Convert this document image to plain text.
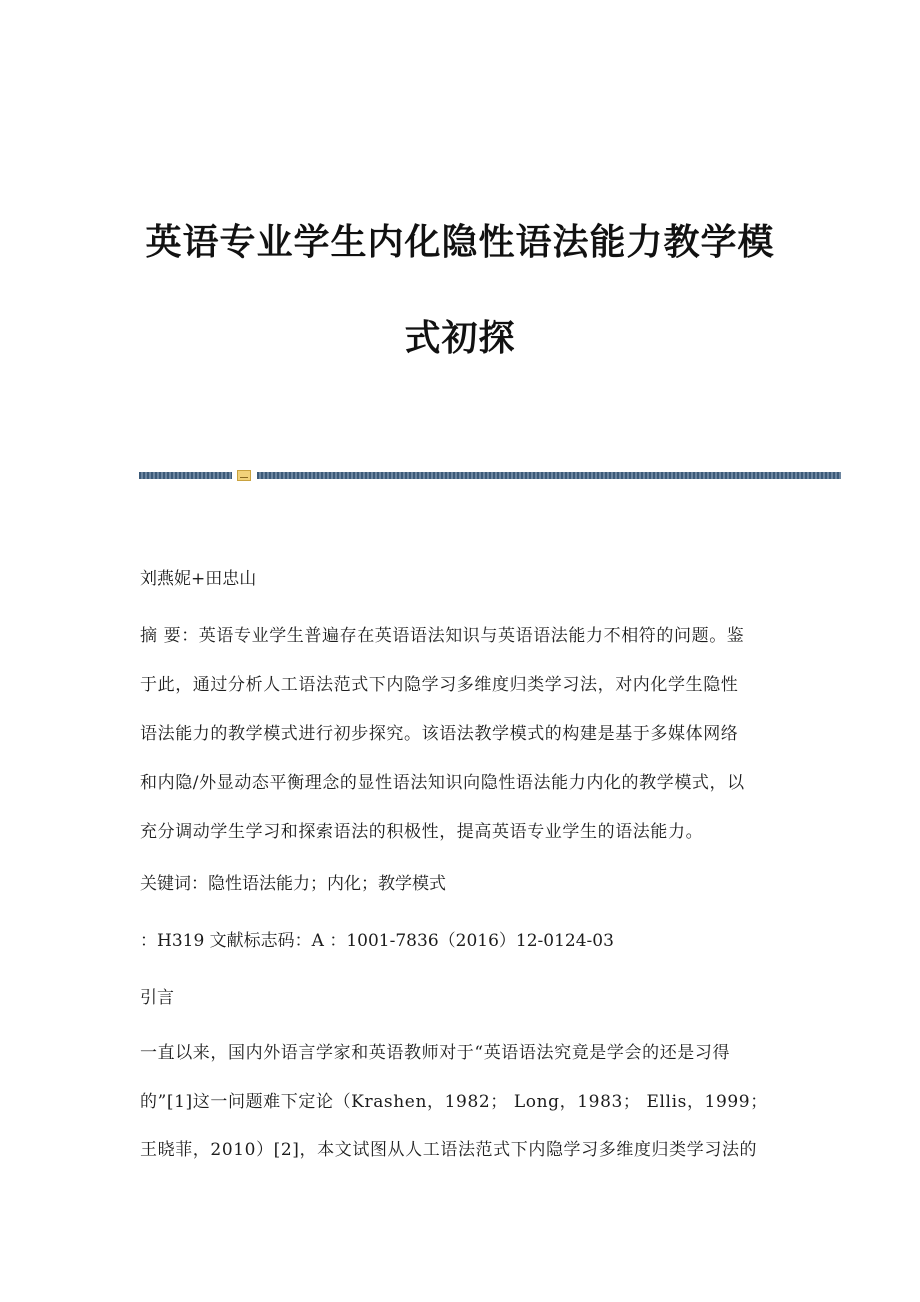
英语专业学生内化隐性语法能力教学模
式初探
刘燕妮+田忠山
摘 要：英语专业学生普遍存在英语语法知识与英语语法能力不相符的问题。鉴
于此，通过分析人工语法范式下内隐学习多维度归类学习法，对内化学生隐性
语法能力的教学模式进行初步探究。该语法教学模式的构建是基于多媒体网络
和内隐/外显动态平衡理念的显性语法知识向隐性语法能力内化的教学模式，以
充分调动学生学习和探索语法的积极性，提高英语专业学生的语法能力。
关键词：隐性语法能力；内化；教学模式
：H319 文献标志码：A ：1001-7836（2016）12-0124-03
引言
一直以来，国内外语言学家和英语教师对于“英语语法究竟是学会的还是习得
的”[1]这一问题难下定论（Krashen，1982； Long，1983； Ellis，1999；
王晓菲，2010）[2]，本文试图从人工语法范式下内隐学习多维度归类学习法的
